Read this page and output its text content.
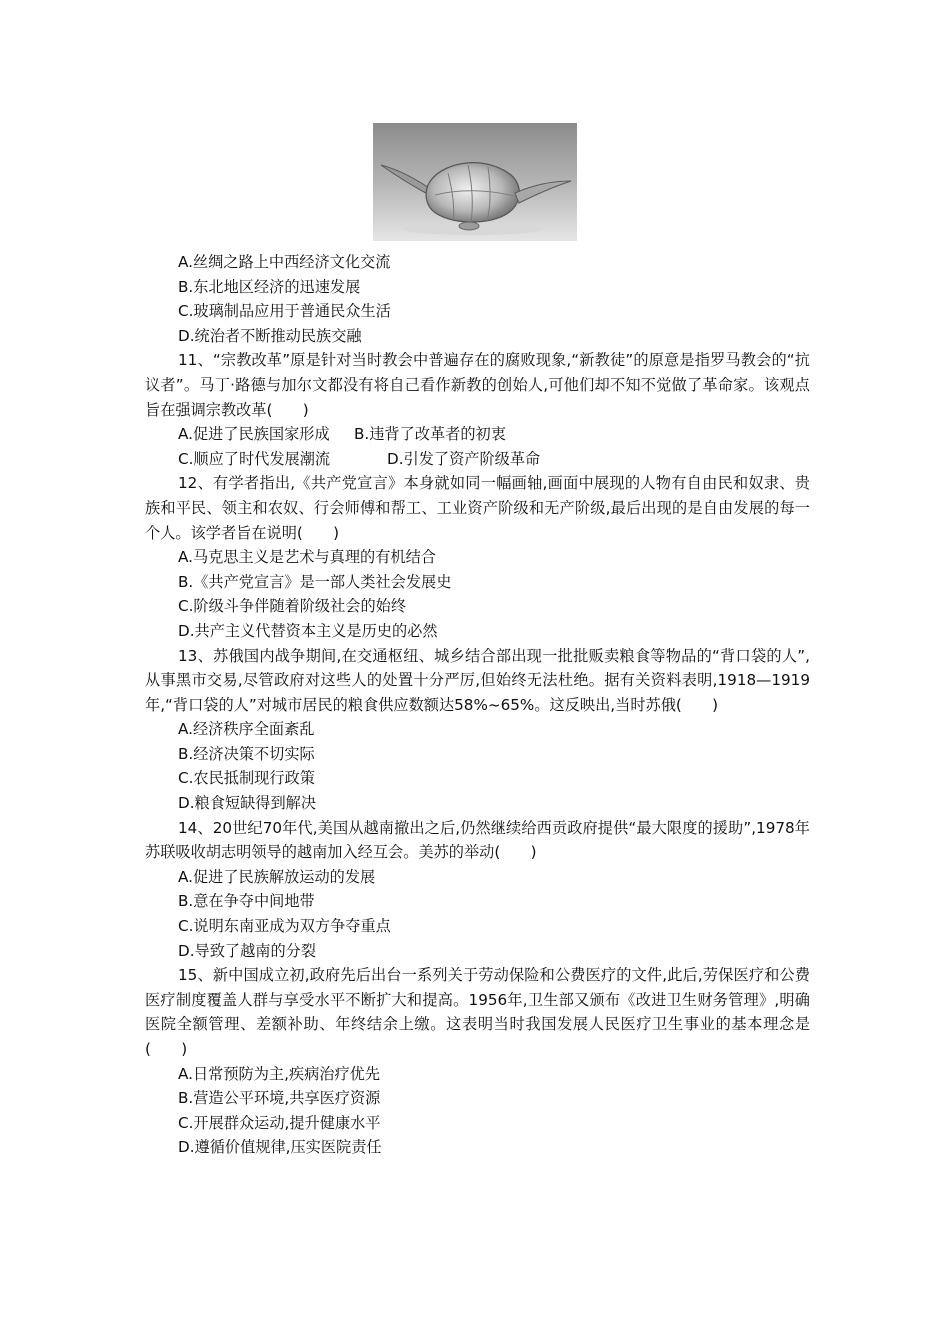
A.丝绸之路上中西经济文化交流
B.东北地区经济的迅速发展
C.玻璃制品应用于普通民众生活
D.统治者不断推动民族交融
11、“宗教改革”原是针对当时教会中普遍存在的腐败现象,“新教徒”的原意是指罗马教会的“抗议者”。马丁·路德与加尔文都没有将自己看作新教的创始人,可他们却不知不觉做了革命家。该观点旨在强调宗教改革(　　)
A.促进了民族国家形成	B.违背了改革者的初衷
C.顺应了时代发展潮流	D.引发了资产阶级革命
12、有学者指出,《共产党宣言》本身就如同一幅画轴,画面中展现的人物有自由民和奴隶、贵族和平民、领主和农奴、行会师傅和帮工、工业资产阶级和无产阶级,最后出现的是自由发展的每一个人。该学者旨在说明(　　)
A.马克思主义是艺术与真理的有机结合
B.《共产党宣言》是一部人类社会发展史
C.阶级斗争伴随着阶级社会的始终
D.共产主义代替资本主义是历史的必然
13、苏俄国内战争期间,在交通枢纽、城乡结合部出现一批批贩卖粮食等物品的“背口袋的人”,从事黑市交易,尽管政府对这些人的处置十分严厉,但始终无法杜绝。据有关资料表明,1918—1919年,“背口袋的人”对城市居民的粮食供应数额达58%~65%。这反映出,当时苏俄(　　)
A.经济秩序全面紊乱
B.经济决策不切实际
C.农民抵制现行政策
D.粮食短缺得到解决
14、20世纪70年代,美国从越南撤出之后,仍然继续给西贡政府提供“最大限度的援助”,1978年苏联吸收胡志明领导的越南加入经互会。美苏的举动(　　)
A.促进了民族解放运动的发展
B.意在争夺中间地带
C.说明东南亚成为双方争夺重点
D.导致了越南的分裂
15、新中国成立初,政府先后出台一系列关于劳动保险和公费医疗的文件,此后,劳保医疗和公费医疗制度覆盖人群与享受水平不断扩大和提高。1956年,卫生部又颁布《改进卫生财务管理》,明确医院全额管理、差额补助、年终结余上缴。这表明当时我国发展人民医疗卫生事业的基本理念是(　　)
A.日常预防为主,疾病治疗优先
B.营造公平环境,共享医疗资源
C.开展群众运动,提升健康水平
D.遵循价值规律,压实医院责任
